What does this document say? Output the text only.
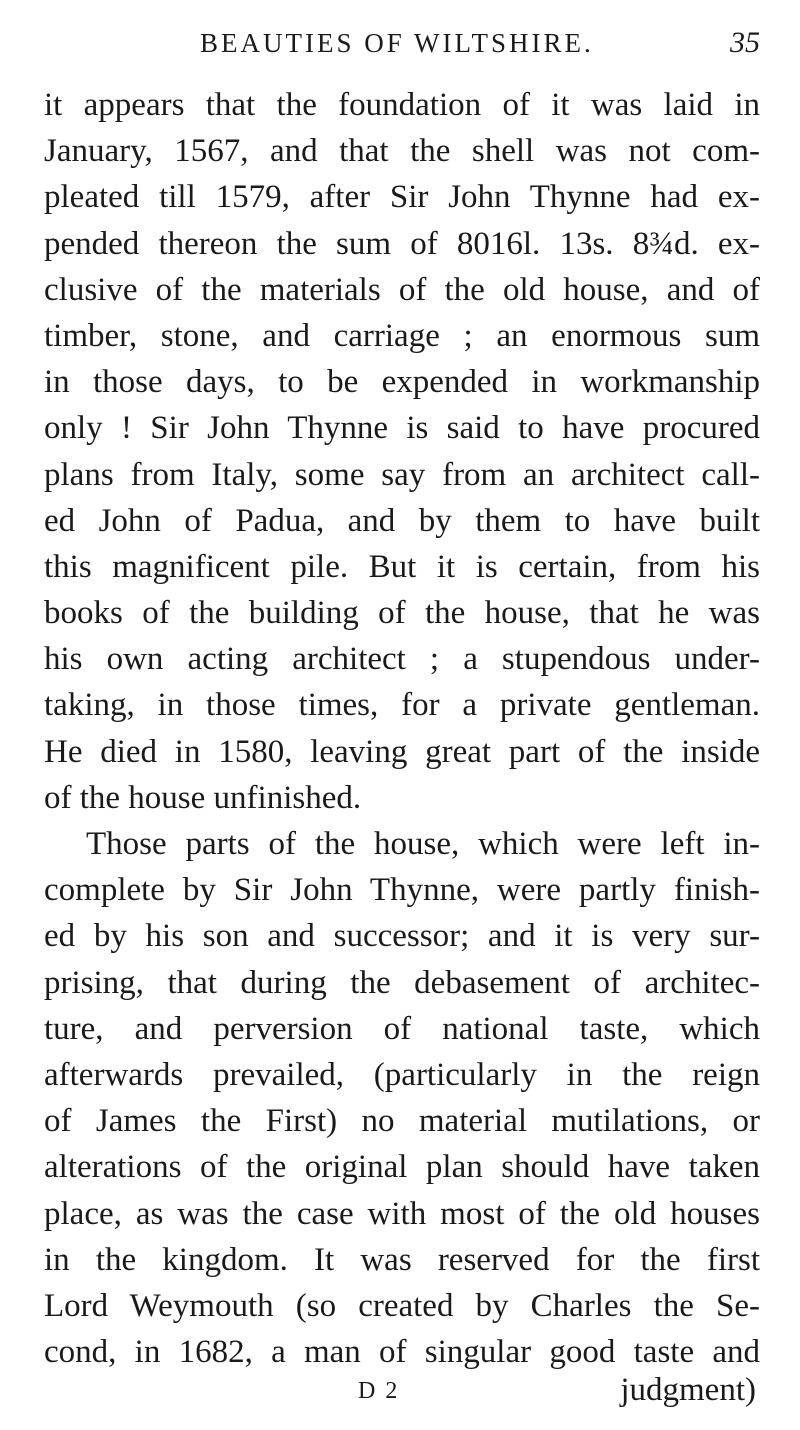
BEAUTIES OF WILTSHIRE.	35
it appears that the foundation of it was laid in
January, 1567, and that the shell was not com-
pleated till 1579, after Sir John Thynne had ex-
pended thereon the sum of 8016l. 13s. 8¾d. ex-
clusive of the materials of the old house, and of
timber, stone, and carriage ; an enormous sum
in those days, to be expended in workmanship
only ! Sir John Thynne is said to have procured
plans from Italy, some say from an architect call-
ed John of Padua, and by them to have built
this magnificent pile. But it is certain, from his
books of the building of the house, that he was
his own acting architect ; a stupendous under-
taking, in those times, for a private gentleman.
He died in 1580, leaving great part of the inside
of the house unfinished.
Those parts of the house, which were left in-
complete by Sir John Thynne, were partly finish-
ed by his son and successor; and it is very sur-
prising, that during the debasement of architec-
ture, and perversion of national taste, which
afterwards prevailed, (particularly in the reign
of James the First) no material mutilations, or
alterations of the original plan should have taken
place, as was the case with most of the old houses
in the kingdom. It was reserved for the first
Lord Weymouth (so created by Charles the Se-
cond, in 1682, a man of singular good taste and
D 2	judgment)
